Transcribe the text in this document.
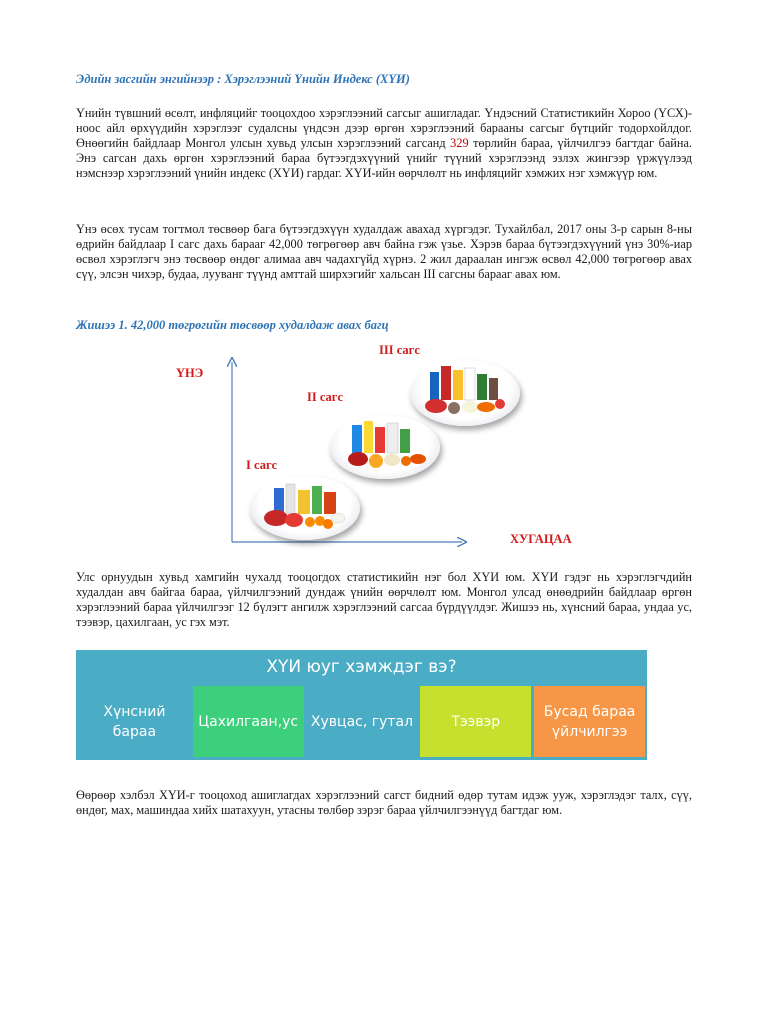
Эдийн засгийн энгийнээр : Хэрэглээний Үнийн Индекс (ХҮИ)

Үнийн түвшний өсөлт, инфляцийг тооцохдоо хэрэглээний сагсыг ашигладаг. Үндэсний Статистикийн Хороо (ҮСХ)-ноос айл өрхүүдийн хэрэглээг судалсны үндсэн дээр өргөн хэрэглээний барааны сагсыг бүтцийг тодорхойлдог. Өнөөгийн байдлаар Монгол улсын хувьд улсын хэрэглээний сагсанд 329 төрлийн бараа, үйлчилгээ багтдаг байна. Энэ сагсан дахь өргөн хэрэглээний бараа бүтээгдэхүүний үнийг түүний хэрэглээнд эзлэх жингээр үржүүлээд нэмснээр хэрэглээний үнийн индекс (ХҮИ) гардаг. ХҮИ-ийн өөрчлөлт нь инфляцийг хэмжих нэг хэмжүүр юм.

Үнэ өсөх тусам тогтмол төсвөөр бага бүтээгдэхүүн худалдаж авахад хүргэдэг. Тухайлбал, 2017 оны 3-р сарын 8-ны өдрийн байдлаар I сагс дахь барааг 42,000 төгрөгөөр авч байна гэж үзье. Хэрэв бараа бүтээгдэхүүний үнэ 30%-иар өсвөл хэрэглэгч энэ төсвөөр өндөг алимаа авч чадахгүйд хүрнэ. 2 жил дараалан ингэж өсвөл 42,000 төгрөгөөр авах сүү, элсэн чихэр, будаа, лууванг түүнд амттай ширхэгийг хальсан III сагсны барааг авах юм.

Жишээ 1. 42,000 төгрөгийн төсвөөр худалдаж авах багц
ҮНЭ
ХУГАЦАА
I сагс
II сагс
III сагс

Улс орнуудын хувьд хамгийн чухалд тооцогдох статистикийн нэг бол ХҮИ юм. ХҮИ гэдэг нь хэрэглэгчдийн худалдан авч байгаа бараа, үйлчилгээний дундаж үнийн өөрчлөлт юм. Монгол улсад өнөөдрийн байдлаар өргөн хэрэглээний бараа үйлчилгээг 12 бүлэгт ангилж хэрэглээний сагсаа бүрдүүлдэг. Жишээ нь, хүнсний бараа, ундаа ус, тээвэр, цахилгаан, ус гэх мэт.

ХҮИ юуг хэмждэг вэ?
Хүнсний бараа
Цахилгаан,ус Хувцас, гутал	Тээвэр
Бусад бараа үйлчилгээ

Өөрөөр хэлбэл ХҮИ-г тооцоход ашиглагдах хэрэглээний сагст бидний өдөр тутам идэж ууж, хэрэглэдэг талх, сүү, өндөг, мах, машиндаа хийх шатахуун, утасны төлбөр зэрэг бараа үйлчилгээнүүд багтдаг юм.
